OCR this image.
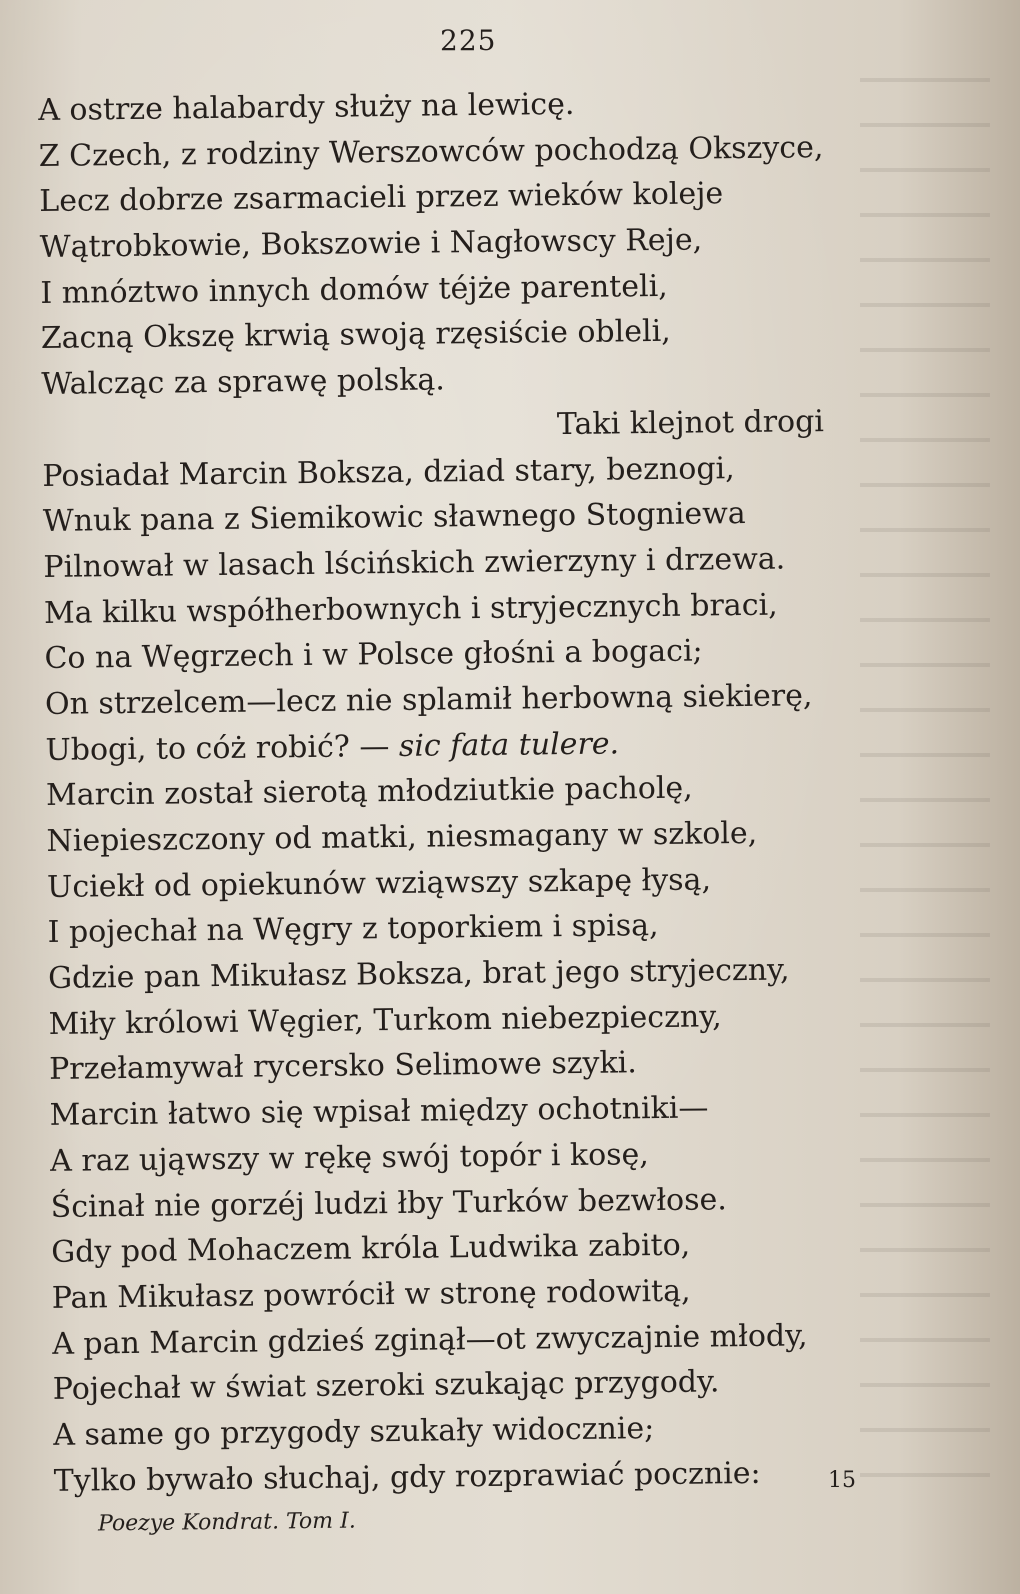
225
A ostrze halabardy służy na lewicę.
Z Czech, z rodziny Werszowców pochodzą Okszyce,
Lecz dobrze zsarmacieli przez wieków koleje
Wątrobkowie, Bokszowie i Nagłowscy Reje,
I mnóztwo innych domów téjże parenteli,
Zacną Okszę krwią swoją rzęsiście obleli,
Walcząc za sprawę polską.
Taki klejnot drogi
Posiadał Marcin Boksza, dziad stary, beznogi,
Wnuk pana z Siemikowic sławnego Stogniewa
Pilnował w lasach lścińskich zwierzyny i drzewa.
Ma kilku współherbownych i stryjecznych braci,
Co na Węgrzech i w Polsce głośni a bogaci;
On strzelcem—lecz nie splamił herbowną siekierę,
Ubogi, to cóż robić? — sic fata tulere.
Marcin został sierotą młodziutkie pacholę,
Niepieszczony od matki, niesmagany w szkole,
Uciekł od opiekunów wziąwszy szkapę łysą,
I pojechał na Węgry z toporkiem i spisą,
Gdzie pan Mikułasz Boksza, brat jego stryjeczny,
Miły królowi Węgier, Turkom niebezpieczny,
Przełamywał rycersko Selimowe szyki.
Marcin łatwo się wpisał między ochotniki—
A raz ująwszy w rękę swój topór i kosę,
Ścinał nie gorzéj ludzi łby Turków bezwłose.
Gdy pod Mohaczem króla Ludwika zabito,
Pan Mikułasz powrócił w stronę rodowitą,
A pan Marcin gdzieś zginął—ot zwyczajnie młody,
Pojechał w świat szeroki szukając przygody.
A same go przygody szukały widocznie;
Tylko bywało słuchaj, gdy rozprawiać pocznie:	15
Poezye Kondrat. Tom I.
